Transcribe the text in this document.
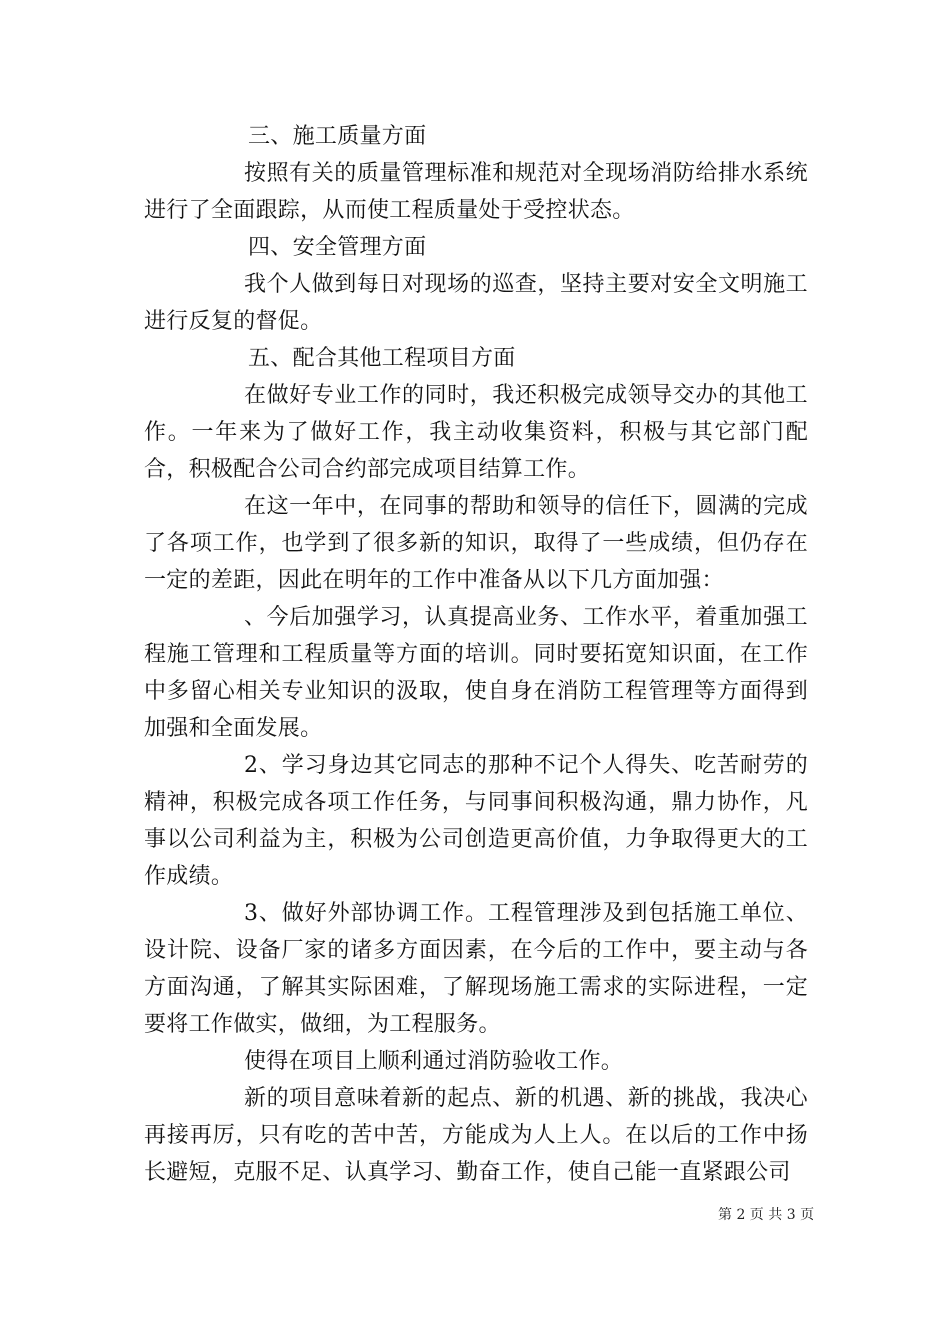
三、施工质量方面

按照有关的质量管理标准和规范对全现场消防给排水系统进行了全面跟踪，从而使工程质量处于受控状态。

四、安全管理方面

我个人做到每日对现场的巡查，坚持主要对安全文明施工进行反复的督促。

五、配合其他工程项目方面

在做好专业工作的同时，我还积极完成领导交办的其他工作。一年来为了做好工作，我主动收集资料，积极与其它部门配合，积极配合公司合约部完成项目结算工作。

在这一年中，在同事的帮助和领导的信任下，圆满的完成了各项工作，也学到了很多新的知识，取得了一些成绩，但仍存在一定的差距，因此在明年的工作中准备从以下几方面加强：

、今后加强学习，认真提高业务、工作水平，着重加强工程施工管理和工程质量等方面的培训。同时要拓宽知识面，在工作中多留心相关专业知识的汲取，使自身在消防工程管理等方面得到加强和全面发展。

2、学习身边其它同志的那种不记个人得失、吃苦耐劳的精神，积极完成各项工作任务，与同事间积极沟通，鼎力协作，凡事以公司利益为主，积极为公司创造更高价值，力争取得更大的工作成绩。

3、做好外部协调工作。工程管理涉及到包括施工单位、设计院、设备厂家的诸多方面因素，在今后的工作中，要主动与各方面沟通，了解其实际困难，了解现场施工需求的实际进程，一定要将工作做实，做细，为工程服务。

使得在项目上顺利通过消防验收工作。

新的项目意味着新的起点、新的机遇、新的挑战，我决心再接再厉，只有吃的苦中苦，方能成为人上人。在以后的工作中扬长避短，克服不足、认真学习、勤奋工作，使自己能一直紧跟公司

第 2 页 共 3 页
